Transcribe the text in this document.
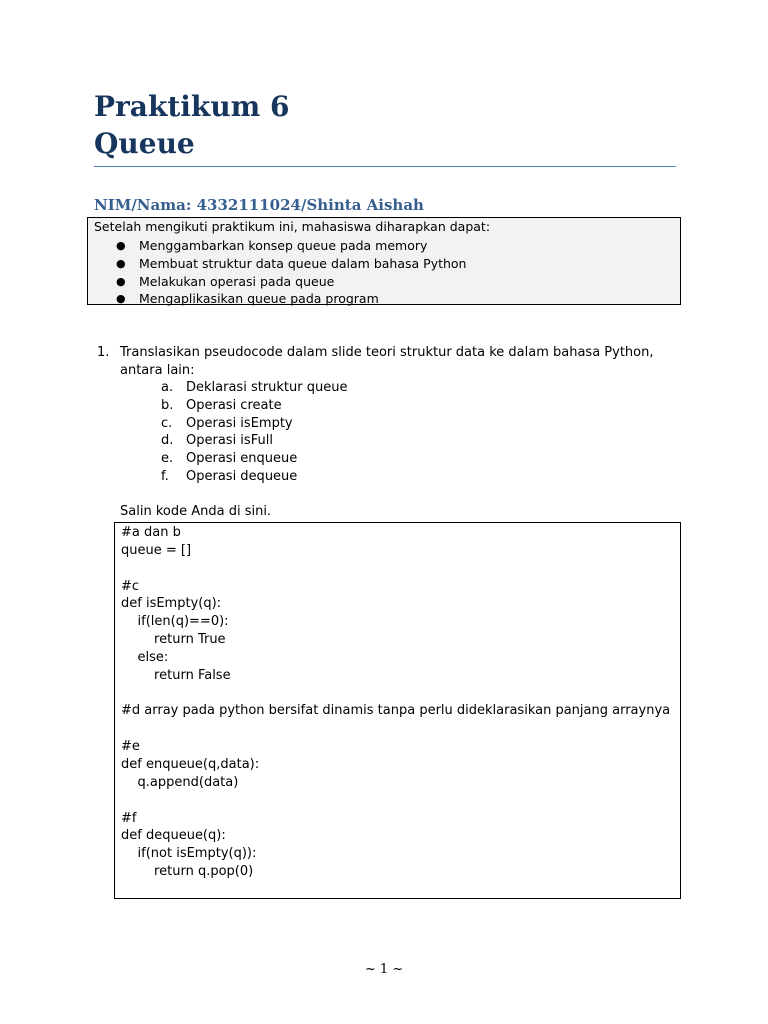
Praktikum 6
Queue
NIM/Nama: 4332111024/Shinta Aishah
Setelah mengikuti praktikum ini, mahasiswa diharapkan dapat:
● Menggambarkan konsep queue pada memory
● Membuat struktur data queue dalam bahasa Python
● Melakukan operasi pada queue
● Mengaplikasikan queue pada program
1. Translasikan pseudocode dalam slide teori struktur data ke dalam bahasa Python, antara lain:
a. Deklarasi struktur queue
b. Operasi create
c. Operasi isEmpty
d. Operasi isFull
e. Operasi enqueue
f. Operasi dequeue
Salin kode Anda di sini.
#a dan b
queue = []
#c
def isEmpty(q):
if(len(q)==0):
return True
else:
return False
#d array pada python bersifat dinamis tanpa perlu dideklarasikan panjang arraynya
#e
def enqueue(q,data):
q.append(data)
#f
def dequeue(q):
if(not isEmpty(q)):
return q.pop(0)
~ 1 ~
